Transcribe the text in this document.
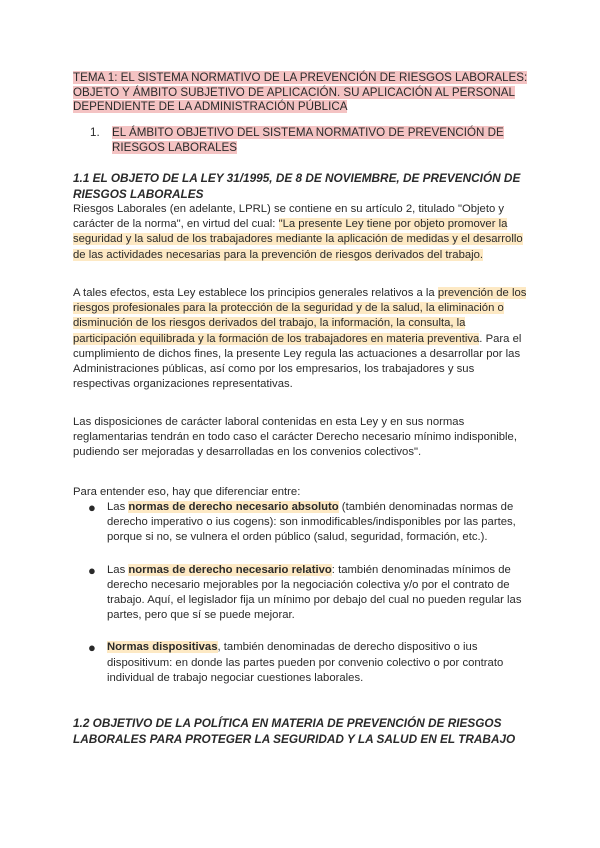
TEMA 1: EL SISTEMA NORMATIVO DE LA PREVENCIÓN DE RIESGOS LABORALES: OBJETO Y ÁMBITO SUBJETIVO DE APLICACIÓN. SU APLICACIÓN AL PERSONAL DEPENDIENTE DE LA ADMINISTRACIÓN PÚBLICA
1.	EL ÁMBITO OBJETIVO DEL SISTEMA NORMATIVO DE PREVENCIÓN DE RIESGOS LABORALES
1.1 EL OBJETO DE LA LEY 31/1995, DE 8 DE NOVIEMBRE, DE PREVENCIÓN DE RIESGOS LABORALES
Riesgos Laborales (en adelante, LPRL) se contiene en su artículo 2, titulado "Objeto y carácter de la norma", en virtud del cual: "La presente Ley tiene por objeto promover la seguridad y la salud de los trabajadores mediante la aplicación de medidas y el desarrollo de las actividades necesarias para la prevención de riesgos derivados del trabajo.
A tales efectos, esta Ley establece los principios generales relativos a la prevención de los riesgos profesionales para la protección de la seguridad y de la salud, la eliminación o disminución de los riesgos derivados del trabajo, la información, la consulta, la participación equilibrada y la formación de los trabajadores en materia preventiva. Para el cumplimiento de dichos fines, la presente Ley regula las actuaciones a desarrollar por las Administraciones públicas, así como por los empresarios, los trabajadores y sus respectivas organizaciones representativas.
Las disposiciones de carácter laboral contenidas en esta Ley y en sus normas reglamentarias tendrán en todo caso el carácter Derecho necesario mínimo indisponible, pudiendo ser mejoradas y desarrolladas en los convenios colectivos".
Para entender eso, hay que diferenciar entre:
● Las normas de derecho necesario absoluto (también denominadas normas de derecho imperativo o ius cogens): son inmodificables/indisponibles por las partes, porque si no, se vulnera el orden público (salud, seguridad, formación, etc.).
● Las normas de derecho necesario relativo: también denominadas mínimos de derecho necesario mejorables por la negociación colectiva y/o por el contrato de trabajo. Aquí, el legislador fija un mínimo por debajo del cual no pueden regular las partes, pero que sí se puede mejorar.
● Normas dispositivas, también denominadas de derecho dispositivo o ius dispositivum: en donde las partes pueden por convenio colectivo o por contrato individual de trabajo negociar cuestiones laborales.
1.2 OBJETIVO DE LA POLÍTICA EN MATERIA DE PREVENCIÓN DE RIESGOS LABORALES PARA PROTEGER LA SEGURIDAD Y LA SALUD EN EL TRABAJO
